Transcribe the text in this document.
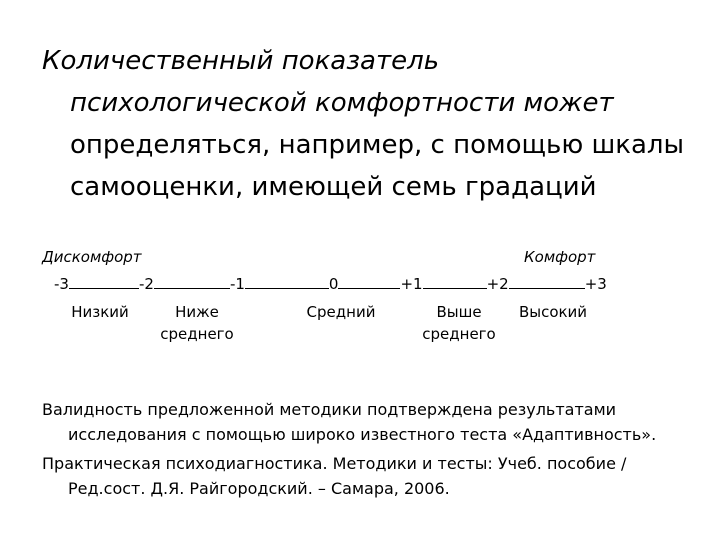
Количественный показатель
психологической комфортности может
определяться, например, с помощью шкалы
самооценки, имеющей семь градаций
Дискомфорт	Комфорт
-3	-2	-1	0	+1	+2	+3
Низкий	Ниже
среднего
Средний	Выше
среднего
Высокий

Валидность предложенной методики подтверждена результатами
исследования с помощью широко известного теста «Адаптивность».

Практическая психодиагностика. Методики и тесты: Учеб. пособие /
Ред.сост. Д.Я. Райгородский. – Самара, 2006.
